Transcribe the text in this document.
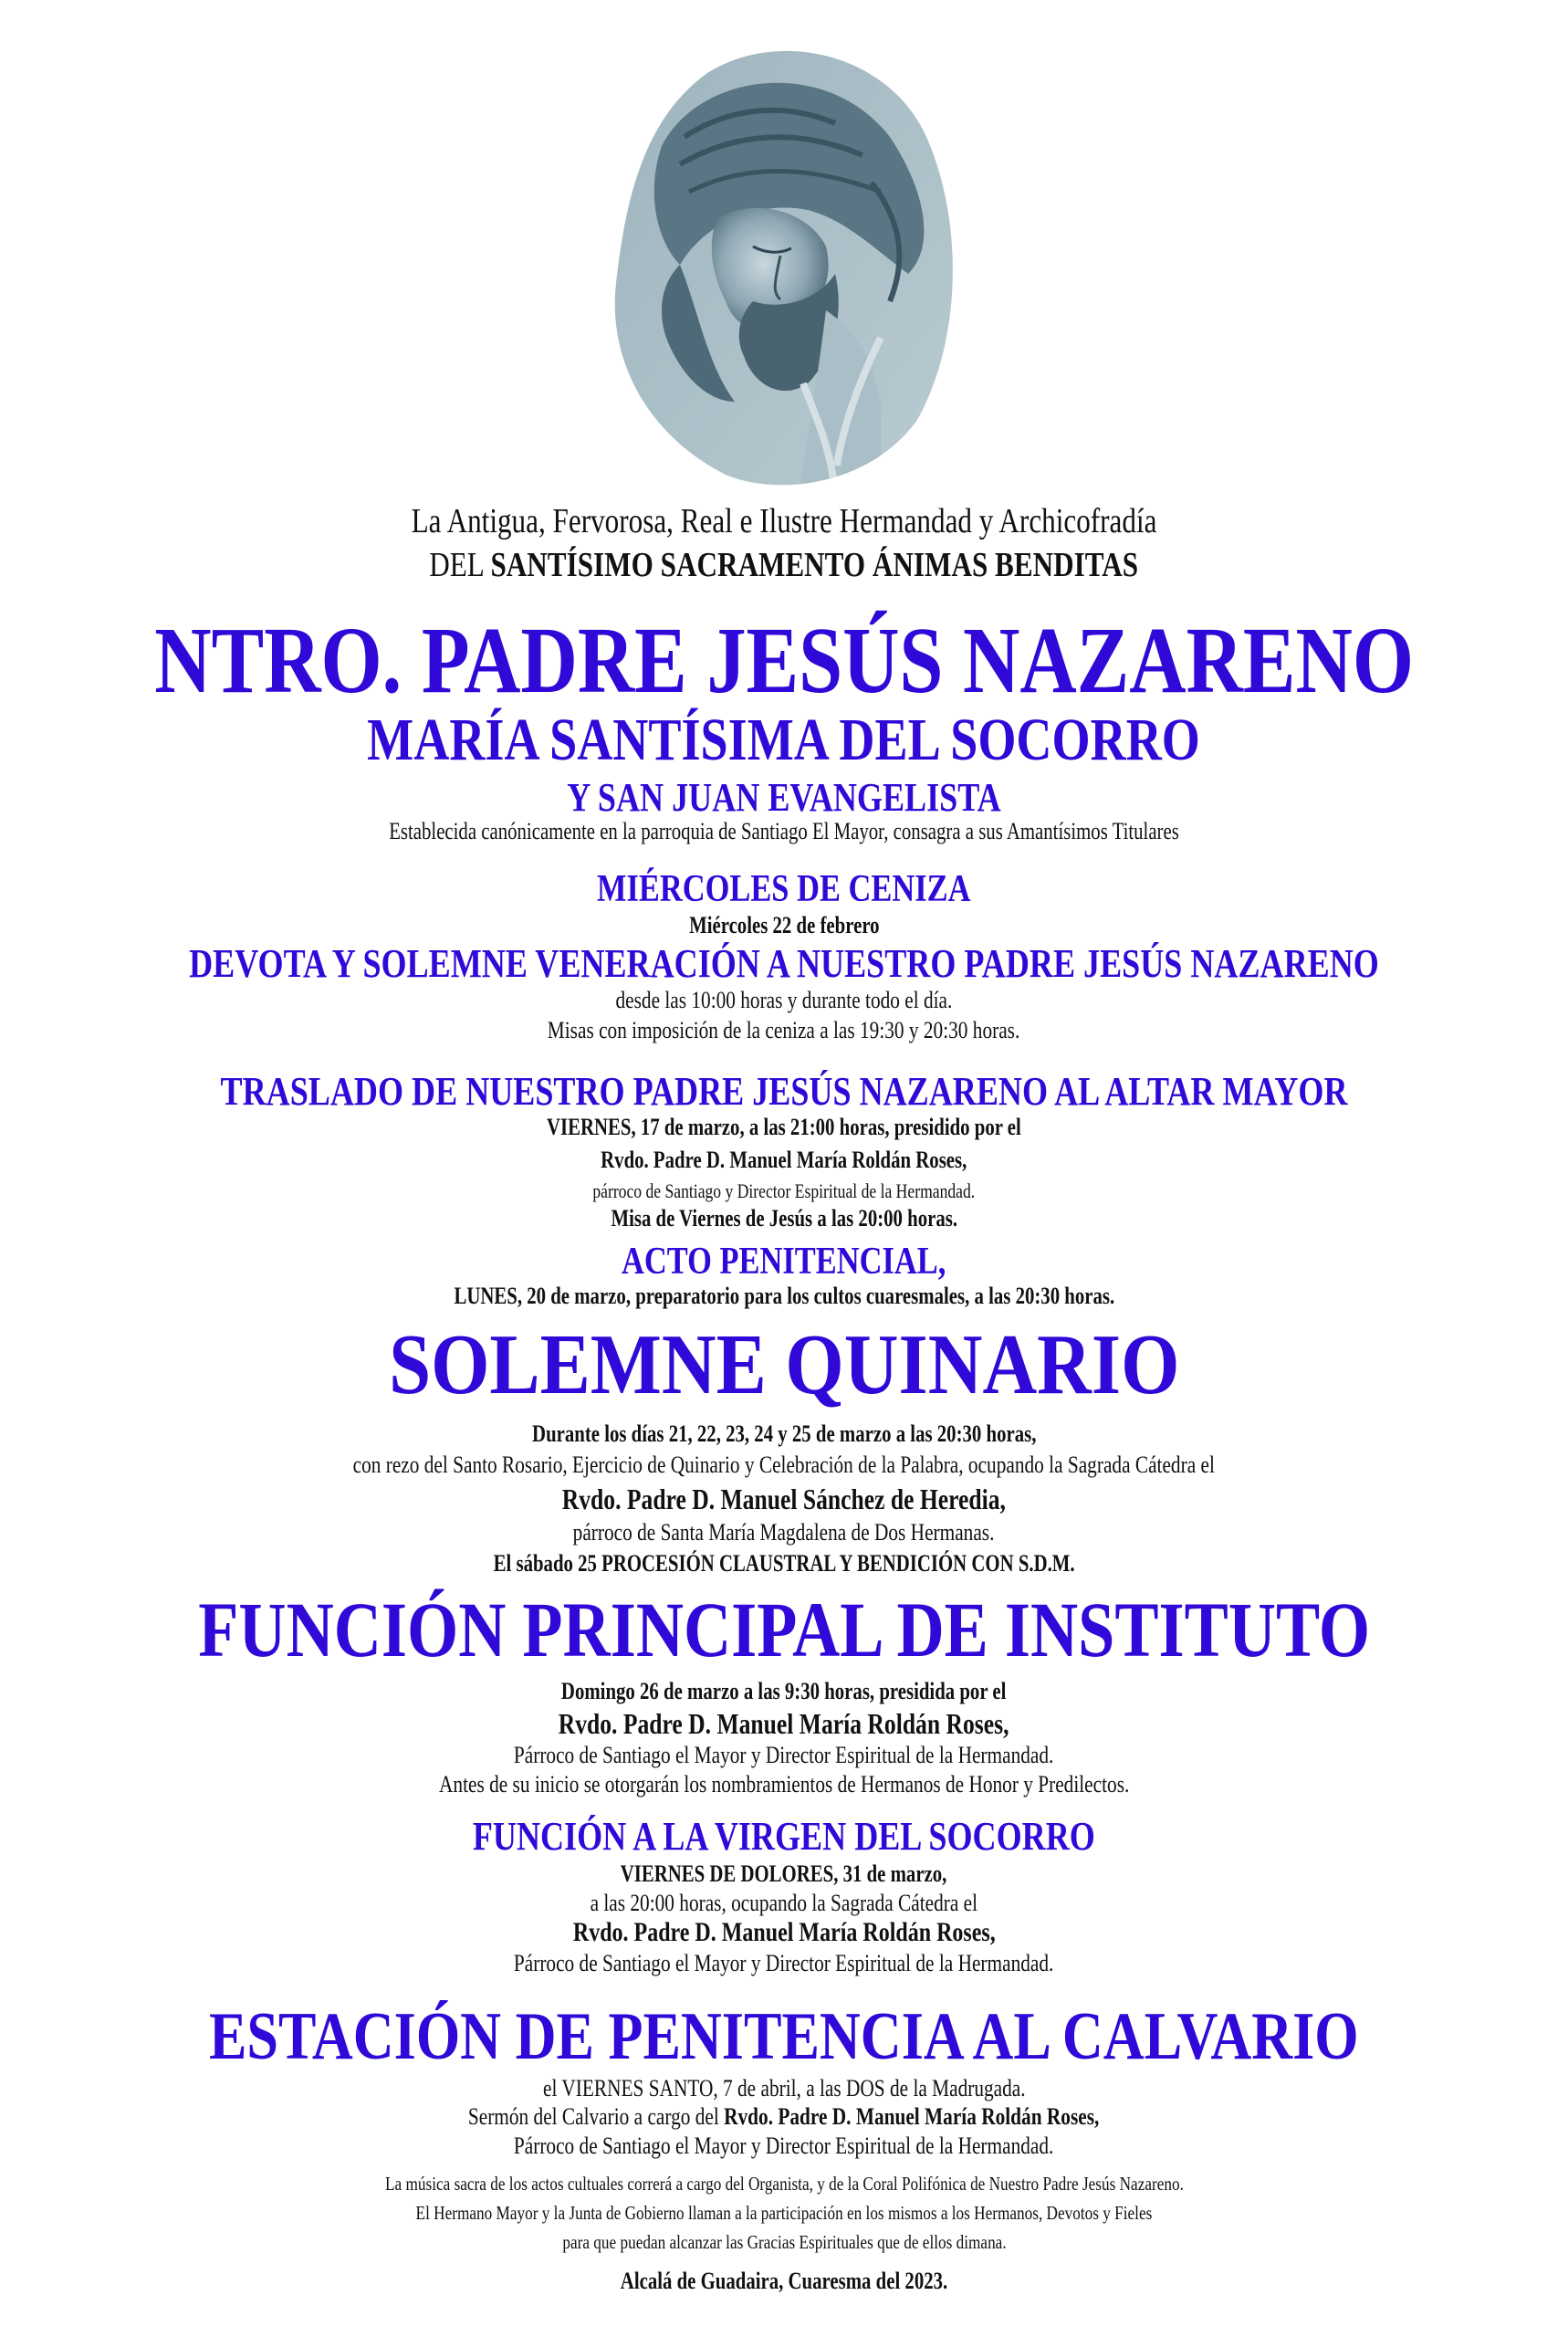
La Antigua, Fervorosa, Real e Ilustre Hermandad y Archicofradía
DEL SANTÍSIMO SACRAMENTO ÁNIMAS BENDITAS
NTRO. PADRE JESÚS NAZARENO
MARÍA SANTÍSIMA DEL SOCORRO
Y SAN JUAN EVANGELISTA
Establecida canónicamente en la parroquia de Santiago El Mayor, consagra a sus Amantísimos Titulares
MIÉRCOLES DE CENIZA
Miércoles 22 de febrero
DEVOTA Y SOLEMNE VENERACIÓN A NUESTRO PADRE JESÚS NAZARENO
desde las 10:00 horas y durante todo el día.
Misas con imposición de la ceniza a las 19:30 y 20:30 horas.
TRASLADO DE NUESTRO PADRE JESÚS NAZARENO AL ALTAR MAYOR
VIERNES, 17 de marzo, a las 21:00 horas, presidido por el
Rvdo. Padre D. Manuel María Roldán Roses,
párroco de Santiago y Director Espiritual de la Hermandad.
Misa de Viernes de Jesús a las 20:00 horas.
ACTO PENITENCIAL,
LUNES, 20 de marzo, preparatorio para los cultos cuaresmales, a las 20:30 horas.
SOLEMNE QUINARIO
Durante los días 21, 22, 23, 24 y 25 de marzo a las 20:30 horas,
con rezo del Santo Rosario, Ejercicio de Quinario y Celebración de la Palabra, ocupando la Sagrada Cátedra el
Rvdo. Padre D. Manuel Sánchez de Heredia,
párroco de Santa María Magdalena de Dos Hermanas.
El sábado 25 PROCESIÓN CLAUSTRAL Y BENDICIÓN CON S.D.M.
FUNCIÓN PRINCIPAL DE INSTITUTO
Domingo 26 de marzo a las 9:30 horas, presidida por el
Rvdo. Padre D. Manuel María Roldán Roses,
Párroco de Santiago el Mayor y Director Espiritual de la Hermandad.
Antes de su inicio se otorgarán los nombramientos de Hermanos de Honor y Predilectos.
FUNCIÓN A LA VIRGEN DEL SOCORRO
VIERNES DE DOLORES, 31 de marzo,
a las 20:00 horas, ocupando la Sagrada Cátedra el
Rvdo. Padre D. Manuel María Roldán Roses,
Párroco de Santiago el Mayor y Director Espiritual de la Hermandad.
ESTACIÓN DE PENITENCIA AL CALVARIO
el VIERNES SANTO, 7 de abril, a las DOS de la Madrugada.
Sermón del Calvario a cargo del Rvdo. Padre D. Manuel María Roldán Roses,
Párroco de Santiago el Mayor y Director Espiritual de la Hermandad.
La música sacra de los actos cultuales correrá a cargo del Organista, y de la Coral Polifónica de Nuestro Padre Jesús Nazareno.
El Hermano Mayor y la Junta de Gobierno llaman a la participación en los mismos a los Hermanos, Devotos y Fieles
para que puedan alcanzar las Gracias Espirituales que de ellos dimana.
Alcalá de Guadaira, Cuaresma del 2023.
